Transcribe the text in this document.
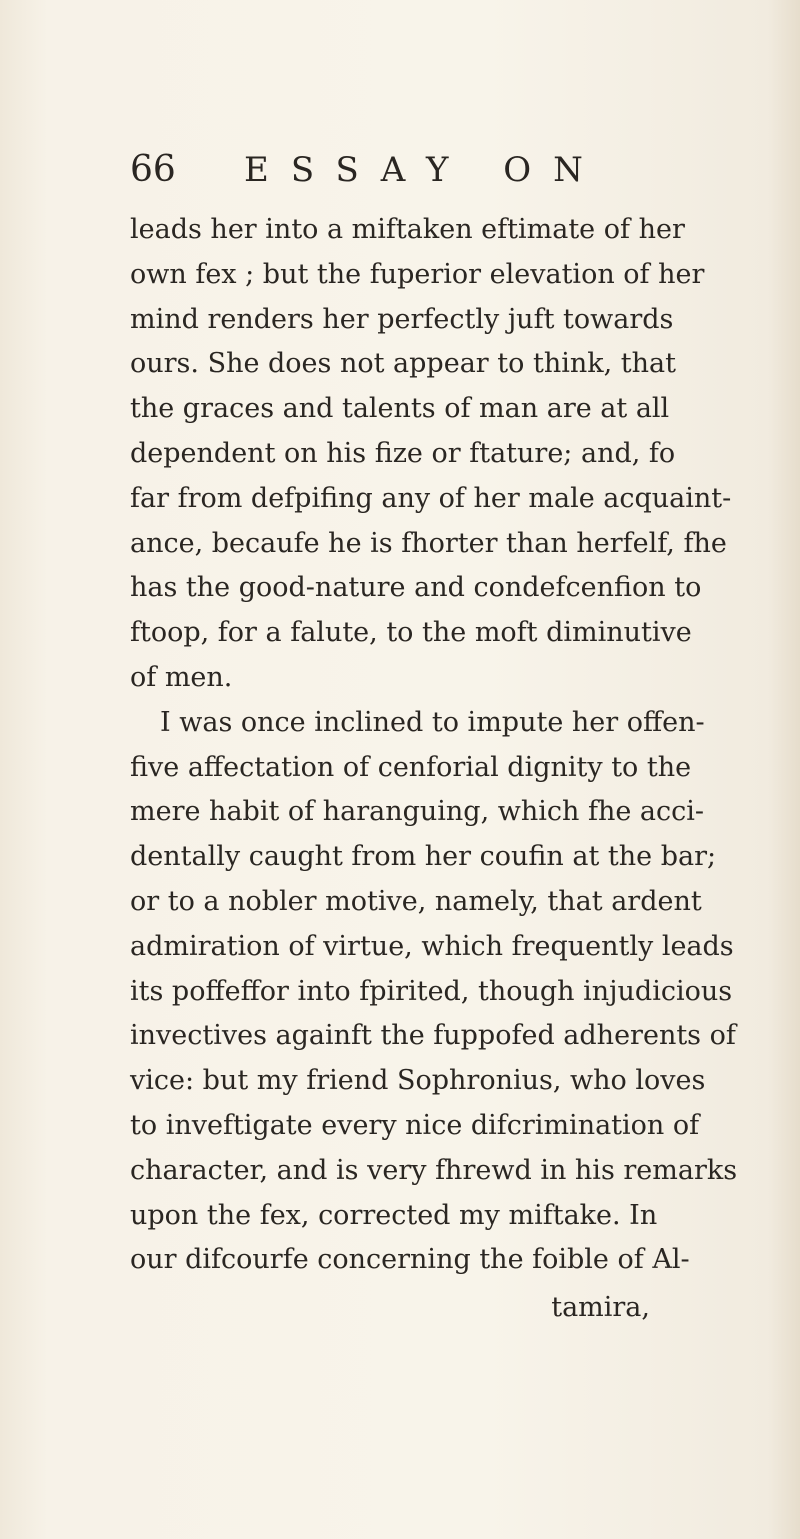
66 ESSAY ON
leads her into a miftaken eftimate of her
own fex ; but the fuperior elevation of her
mind renders her perfectly juft towards
ours. She does not appear to think, that
the graces and talents of man are at all
dependent on his fize or ftature; and, fo
far from defpifing any of her male acquaint-
ance, becaufe he is fhorter than herfelf, fhe
has the good-nature and condefcenfion to
ftoop, for a falute, to the moft diminutive
of men.
I was once inclined to impute her offen-
five affectation of cenforial dignity to the
mere habit of haranguing, which fhe acci-
dentally caught from her coufin at the bar;
or to a nobler motive, namely, that ardent
admiration of virtue, which frequently leads
its poffeffor into fpirited, though injudicious
invectives againft the fuppofed adherents of
vice: but my friend Sophronius, who loves
to inveftigate every nice difcrimination of
character, and is very fhrewd in his remarks
upon the fex, corrected my miftake. In
our difcourfe concerning the foible of Al-
tamira,
